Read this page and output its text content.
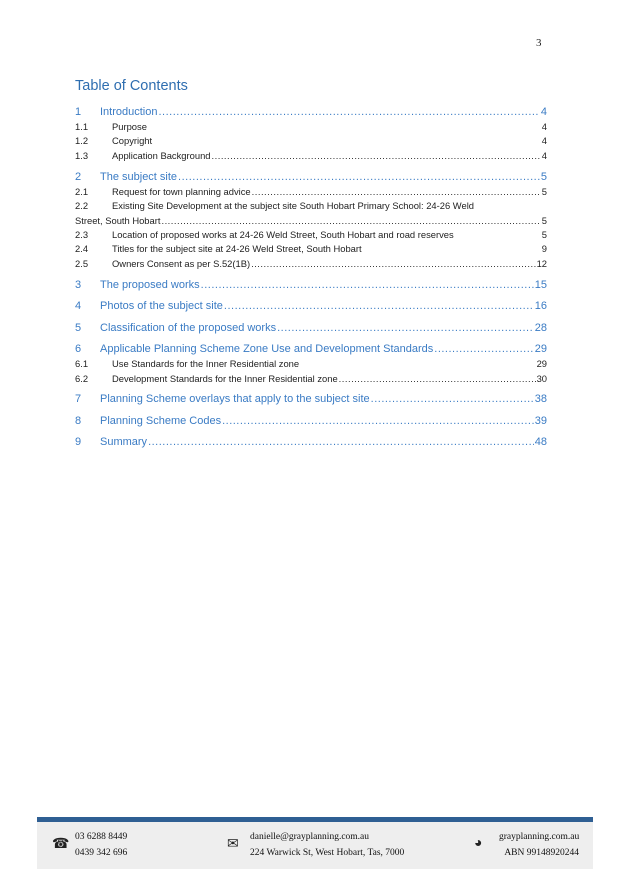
3
Table of Contents
1	Introduction .....	4
1.1	Purpose .....	4
1.2	Copyright .....	4
1.3	Application Background .....	4
2	The subject site .....	5
2.1	Request for town planning advice .....	5
2.2	Existing Site Development at the subject site South Hobart Primary School: 24-26 Weld
Street, South Hobart .....	5
2.3	Location of proposed works at 24-26 Weld Street, South Hobart and road reserves .....	5
2.4	Titles for the subject site at 24-26 Weld Street, South Hobart .....	9
2.5	Owners Consent as per S.52(1B) .....	12
3	The proposed works .....	15
4	Photos of the subject site .....	16
5	Classification of the proposed works .....	28
6	Applicable Planning Scheme Zone Use and Development Standards .....	29
6.1	Use Standards for the Inner Residential zone .....	29
6.2	Development Standards for the Inner Residential zone .....	30
7	Planning Scheme overlays that apply to the subject site .....	38
8	Planning Scheme Codes .....	39
9	Summary .....	48
☎ 03 6288 8449
0439 342 696
✉ danielle@grayplanning.com.au
224 Warwick St, West Hobart, Tas, 7000
◕ grayplanning.com.au
ABN 9914892024​4
